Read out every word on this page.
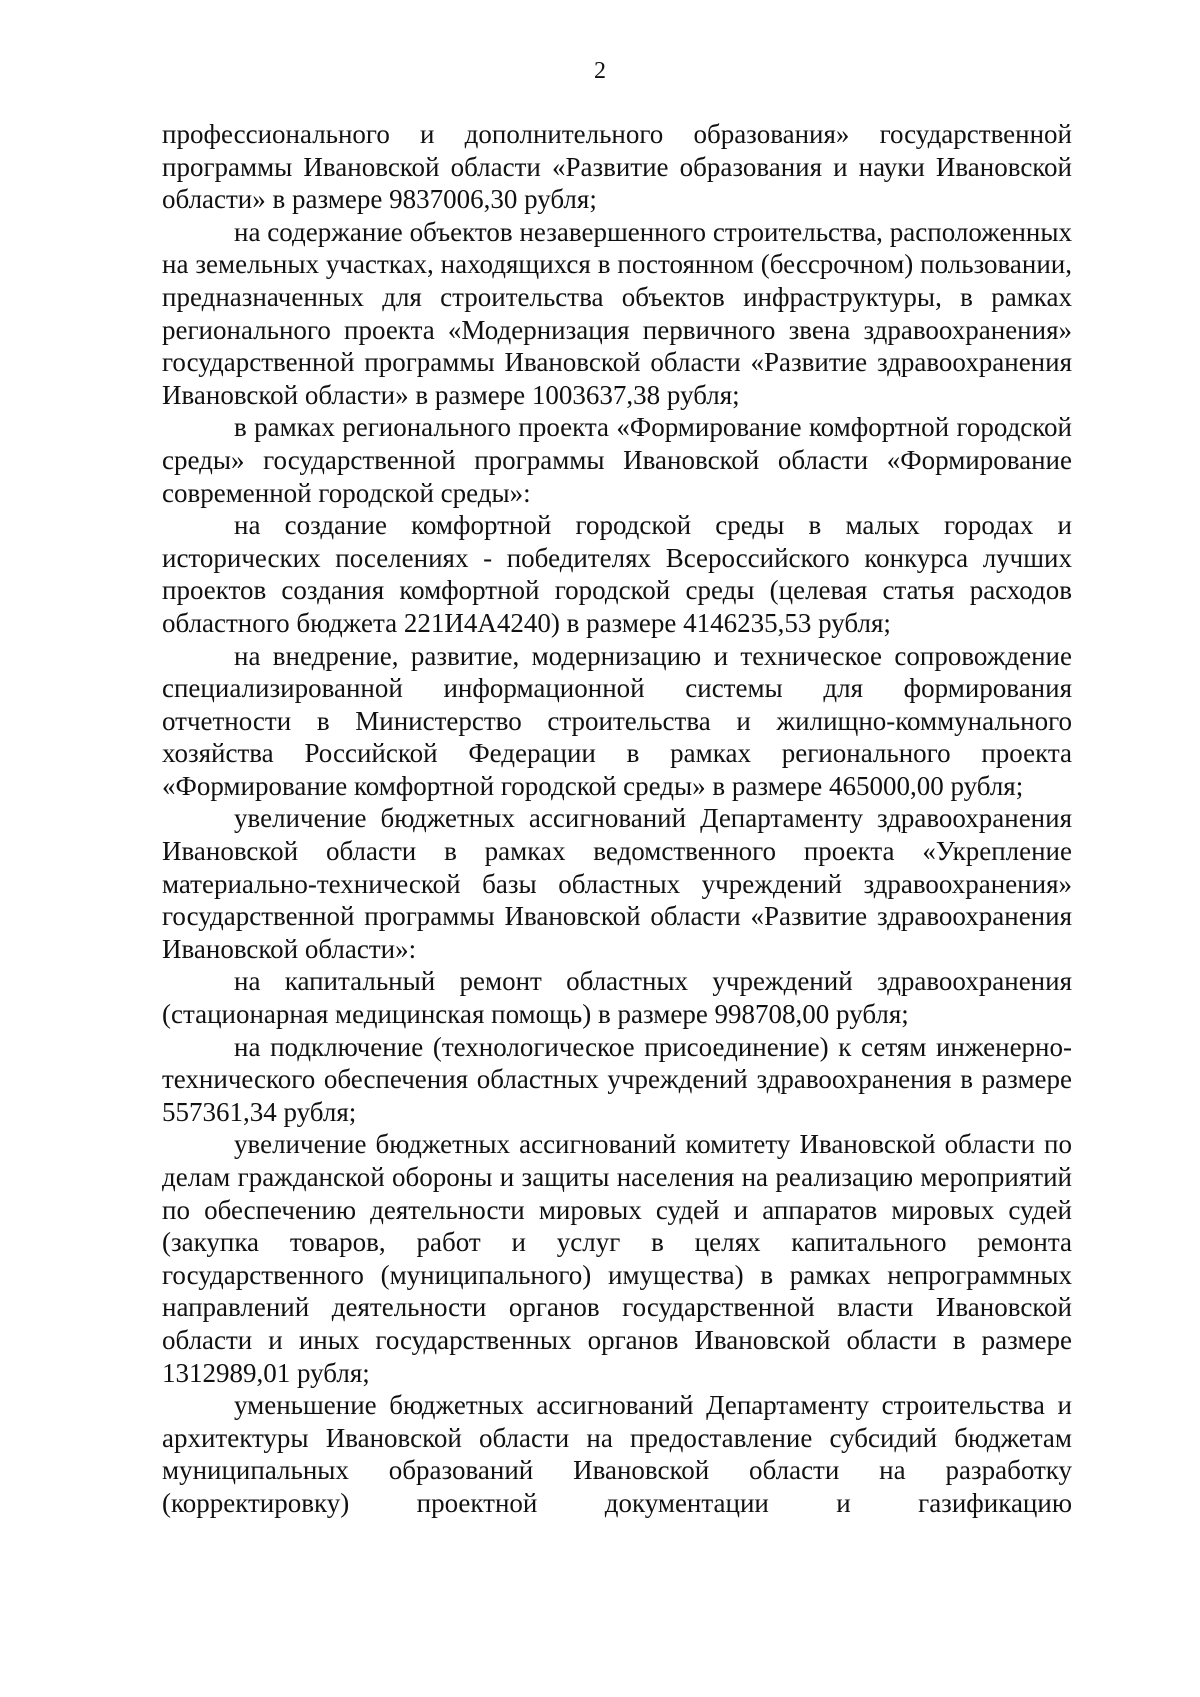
2

профессионального и дополнительного образования» государственной программы Ивановской области «Развитие образования и науки Ивановской области» в размере 9837006,30 рубля;

на содержание объектов незавершенного строительства, расположенных на земельных участках, находящихся в постоянном (бессрочном) пользовании, предназначенных для строительства объектов инфраструктуры, в рамках регионального проекта «Модернизация первичного звена здравоохранения» государственной программы Ивановской области «Развитие здравоохранения Ивановской области» в размере 1003637,38 рубля;

в рамках регионального проекта «Формирование комфортной городской среды» государственной программы Ивановской области «Формирование современной городской среды»:

на создание комфортной городской среды в малых городах и исторических поселениях - победителях Всероссийского конкурса лучших проектов создания комфортной городской среды (целевая статья расходов областного бюджета 221И4А4240) в размере 4146235,53 рубля;

на внедрение, развитие, модернизацию и техническое сопровождение специализированной информационной системы для формирования отчетности в Министерство строительства и жилищно-коммунального хозяйства Российской Федерации в рамках регионального проекта «Формирование комфортной городской среды» в размере 465000,00 рубля;

увеличение бюджетных ассигнований Департаменту здравоохранения Ивановской области в рамках ведомственного проекта «Укрепление материально-технической базы областных учреждений здравоохранения» государственной программы Ивановской области «Развитие здравоохранения Ивановской области»:

на капитальный ремонт областных учреждений здравоохранения (стационарная медицинская помощь) в размере 998708,00 рубля;

на подключение (технологическое присоединение) к сетям инженерно-технического обеспечения областных учреждений здравоохранения в размере 557361,34 рубля;

увеличение бюджетных ассигнований комитету Ивановской области по делам гражданской обороны и защиты населения на реализацию мероприятий по обеспечению деятельности мировых судей и аппаратов мировых судей (закупка товаров, работ и услуг в целях капитального ремонта государственного (муниципального) имущества) в рамках непрограммных направлений деятельности органов государственной власти Ивановской области и иных государственных органов Ивановской области в размере 1312989,01 рубля;

уменьшение бюджетных ассигнований Департаменту строительства и архитектуры Ивановской области на предоставление субсидий бюджетам муниципальных образований Ивановской области на разработку (корректировку) проектной документации и газификацию
